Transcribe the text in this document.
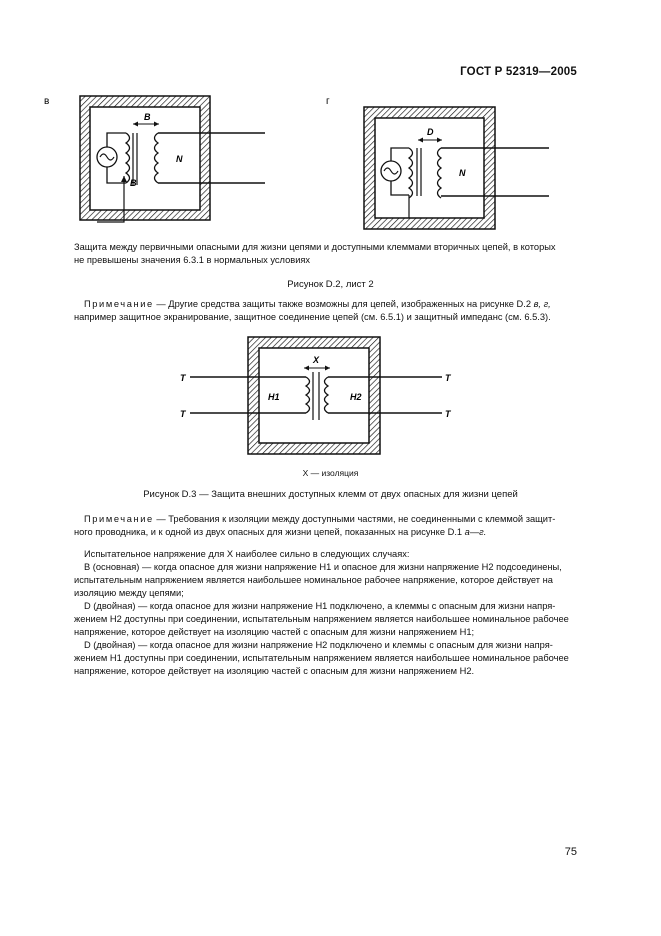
ГОСТ Р 52319—2005
в
B
B
N
г
D
N

Защита между первичными опасными для жизни цепями и доступными клеммами вторичных цепей, в которых

не превышены значения 6.3.1 в нормальных условиях

Рисунок D.2, лист 2

Примечание — Другие средства защиты также возможны для цепей, изображенных на рисунке D.2 в, г,

например защитное экранирование, защитное соединение цепей (см. 6.5.1) и защитный импеданс (см. 6.5.3).

X
H1	H2
T
T
T
T
X — изоляция
Рисунок D.3 — Защита внешних доступных клемм от двух опасных для жизни цепей

Примечание — Требования к изоляции между доступными частями, не соединенными с клеммой защит-

ного проводника, и к одной из двух опасных для жизни цепей, показанных на рисунке D.1 а—г.

Испытательное напряжение для X наиболее сильно в следующих случаях:

B (основная) — когда опасное для жизни напряжение H1 и опасное для жизни напряжение H2 подсоединены,

испытательным напряжением является наибольшее номинальное рабочее напряжение, которое действует на

изоляцию между цепями;

D (двойная) — когда опасное для жизни напряжение H1 подключено, а клеммы с опасным для жизни напря-

жением H2 доступны при соединении, испытательным напряжением является наибольшее номинальное рабочее

напряжение, которое действует на изоляцию частей с опасным для жизни напряжением H1;

D (двойная) — когда опасное для жизни напряжение H2 подключено и клеммы с опасным для жизни напря-

жением H1 доступны при соединении, испытательным напряжением является наибольшее номинальное рабочее

напряжение, которое действует на изоляцию частей с опасным для жизни напряжением H2.

75
